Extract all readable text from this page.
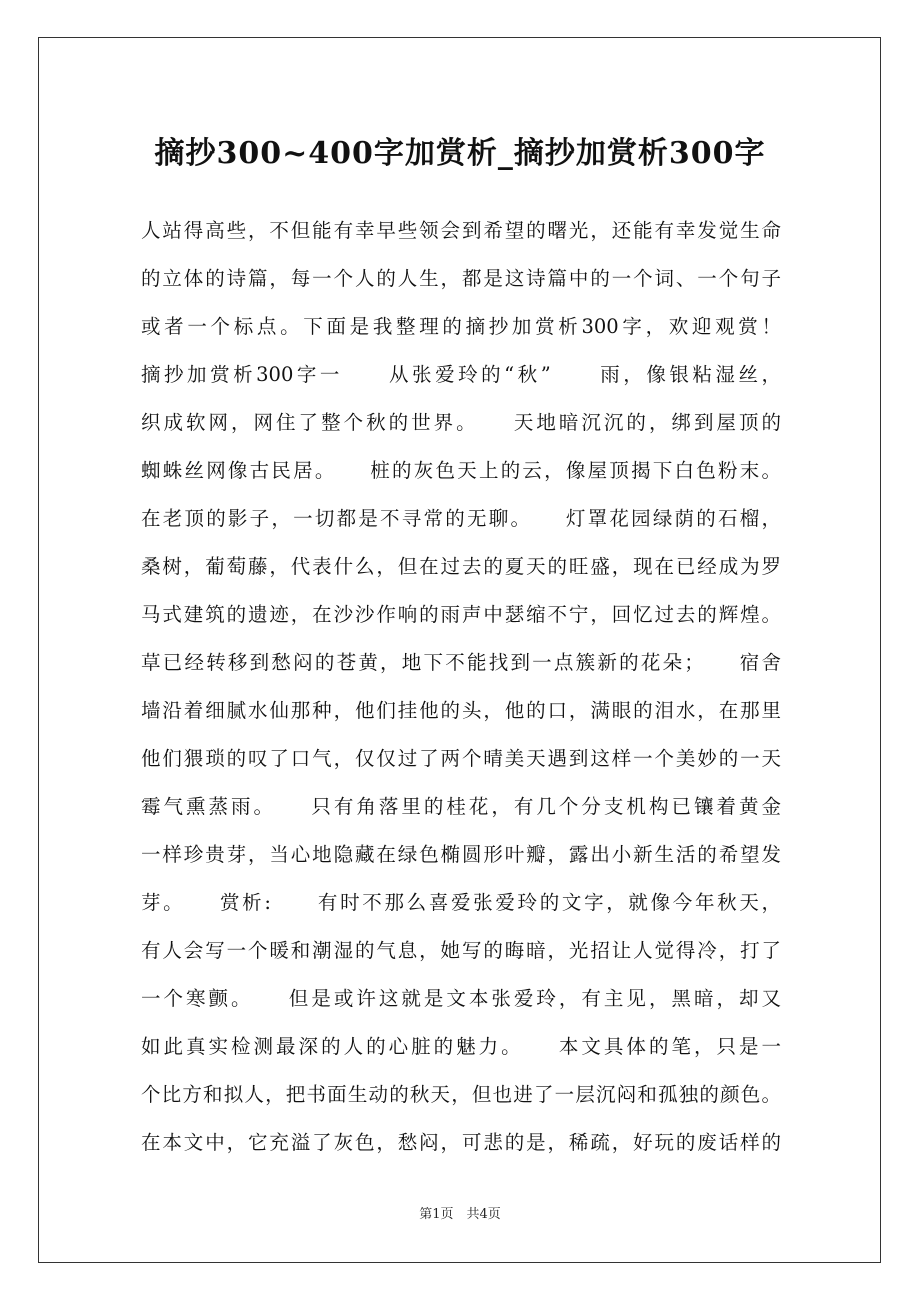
摘抄300~400字加赏析_摘抄加赏析300字
人站得高些，不但能有幸早些领会到希望的曙光，还能有幸发觉生命
的立体的诗篇，每一个人的人生，都是这诗篇中的一个词、一个句子
或者一个标点。下面是我整理的摘抄加赏析300字，欢迎观赏！
摘抄加赏析300字一　　从张爱玲的“秋”　　雨，像银粘湿丝，
织成软网，网住了整个秋的世界。　　天地暗沉沉的，绑到屋顶的
蜘蛛丝网像古民居。　　桩的灰色天上的云，像屋顶揭下白色粉末。
在老顶的影子，一切都是不寻常的无聊。　　灯罩花园绿荫的石榴，
桑树，葡萄藤，代表什么，但在过去的夏天的旺盛，现在已经成为罗
马式建筑的遗迹，在沙沙作响的雨声中瑟缩不宁，回忆过去的辉煌。
草已经转移到愁闷的苍黄，地下不能找到一点簇新的花朵；　　宿舍
墙沿着细腻水仙那种，他们挂他的头，他的口，满眼的泪水，在那里
他们猥琐的叹了口气，仅仅过了两个晴美天遇到这样一个美妙的一天
霉气熏蒸雨。　　只有角落里的桂花，有几个分支机构已镶着黄金
一样珍贵芽，当心地隐藏在绿色椭圆形叶瓣，露出小新生活的希望发
芽。　　赏析:　　有时不那么喜爱张爱玲的文字，就像今年秋天，
有人会写一个暖和潮湿的气息，她写的晦暗，光招让人觉得冷，打了
一个寒颤。　　但是或许这就是文本张爱玲，有主见，黑暗，却又
如此真实检测最深的人的心脏的魅力。　　本文具体的笔，只是一
个比方和拟人，把书面生动的秋天，但也进了一层沉闷和孤独的颜色。
在本文中，它充溢了灰色，愁闷，可悲的是，稀疏，好玩的废话样的
第1页　共4页
